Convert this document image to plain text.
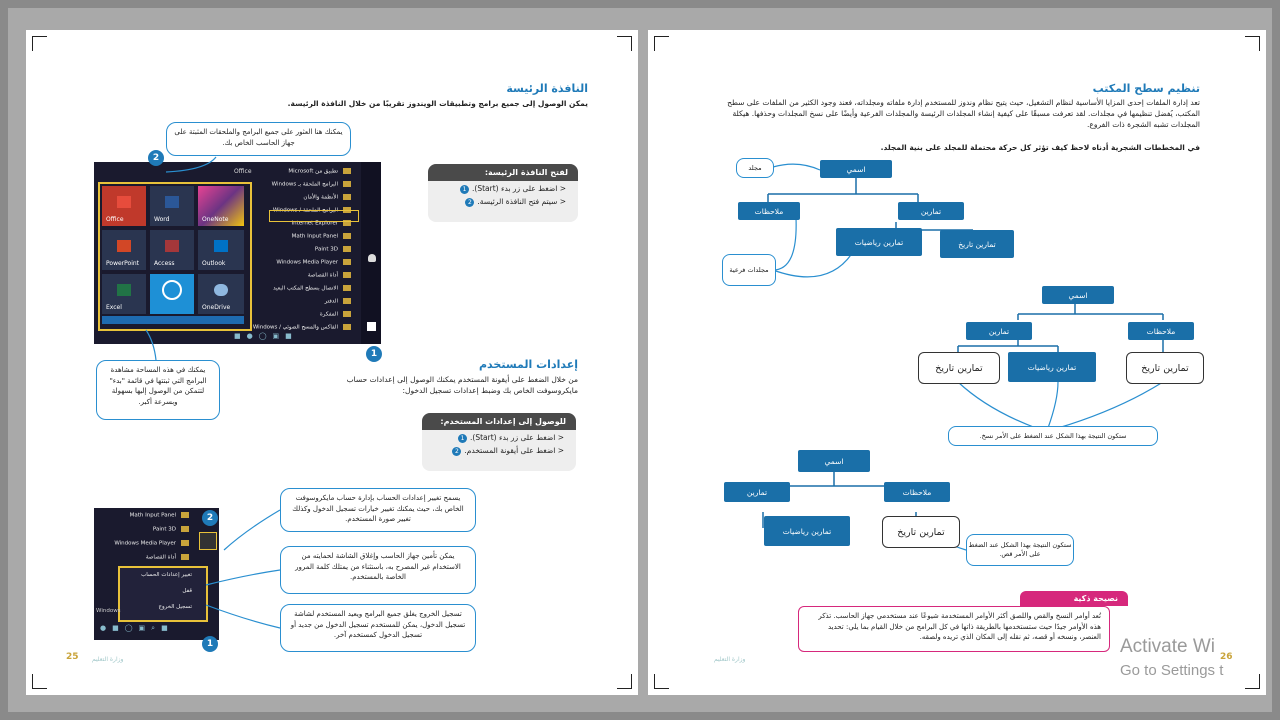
النافذة الرئيسة
يمكن الوصول إلى جميع برامج وتطبيقات الويندوز تقريبًا من خلال النافذة الرئيسة.
Office
Office	Word	OneNote
PowerPoint Access	Outlook
Excel	OneDrive
تطبيق من Microsoft
البرامج الملحقة بـ Windows
الأنظمة والأمان
البرامج الملحقة / Windows
Internet Explorer
Math Input Panel
Paint 3D
Windows Media Player
أداة القصاصة
الاتصال بسطح المكتب البعيد
الدفتر
المفكرة
الفاكس والمسح الضوئي / Windows
■●◯▣■
2
1
يمكنك هنا العثور على جميع البرامج والملحقات المثبتة على جهاز الحاسب الخاص بك.
يمكنك في هذه المساحة مشاهدة البرامج التي ثبتتها في قائمة "بدء" لتتمكن من الوصول إليها بسهولة وبسرعة أكبر.
لفتح النافذة الرئيسة:
< اضغط على زر بدء (Start).1
< سيتم فتح النافذة الرئيسة.2
إعدادات المستخدم
من خلال الضغط على أيقونة المستخدم يمكنك الوصول إلى إعدادات حساب مايكروسوفت الخاص بك وضبط إعدادات تسجيل الدخول:
للوصول إلى إعدادات المستخدم:
< اضغط على زر بدء (Start).1
< اضغط على أيقونة المستخدم.2
Math Input Panel
Paint 3D
Windows Media Player
أداة القصاصة
تغيير إعدادات الحساب
قفل
تسجيل الخروج
Windows
●■◯▣⌕■
2
1
يسمح تغيير إعدادات الحساب بإدارة حساب مايكروسوفت الخاص بك، حيث يمكنك تغيير خيارات تسجيل الدخول وكذلك تغيير صورة المستخدم.
يمكن تأمين جهاز الحاسب وإغلاق الشاشة لحمايته من الاستخدام غير المصرح به، باستثناء من يمتلك كلمة المرور الخاصة بالمستخدم.
تسجيل الخروج يغلق جميع البرامج ويعيد المستخدم لشاشة تسجيل الدخول، يمكن للمستخدم تسجيل الدخول من جديد أو تسجيل الدخول كمستخدم آخر.
25 وزارة التعليم
تنظيم سطح المكتب
تعد إدارة الملفات إحدى المزايا الأساسية لنظام التشغيل، حيث يتيح نظام وندوز للمستخدم إدارة ملفاته ومجلداته، فعند وجود الكثير من الملفات على سطح المكتب، يُفضل تنظيمها في مجلدات. لقد تعرفت مسبقًا على كيفية إنشاء المجلدات الرئيسة والمجلدات الفرعية وأيضًا على نسخ المجلدات وحذفها. هيكلة المجلدات تشبه الشجرة ذات الفروع.
في المخططات الشجرية أدناه لاحظ كيف تؤثر كل حركة محتملة للمجلد على بنية المجلد.
اسمي
مجلد
ملاحظات	تمارين
تمارين رياضيات	تمارين تاريخ
مجلدات فرعية
اسمي
تمارين	ملاحظات
تمارين تاريخ	تمارين رياضيات	تمارين تاريخ
ستكون النتيجة بهذا الشكل عند الضغط على الأمر نسخ.
اسمي
تمارين	ملاحظات
تمارين رياضيات	تمارين تاريخ
ستكون النتيجة بهذا الشكل عند الضغط على الأمر قص.
نصيحة ذكية
تُعد أوامر النسخ والقص واللصق أكثر الأوامر المستخدمة شيوعًا عند مستخدمي جهاز الحاسب. تذكر هذه الأوامر جيدًا حيث ستستخدمها بالطريقة ذاتها في كل البرامج من خلال القيام بما يلي: تحديد العنصر، ونسخه أو قصه، ثم نقله إلى المكان الذي تريده ولصقه.
26
وزارة التعليم
Activate Wi
Go to Settings t
